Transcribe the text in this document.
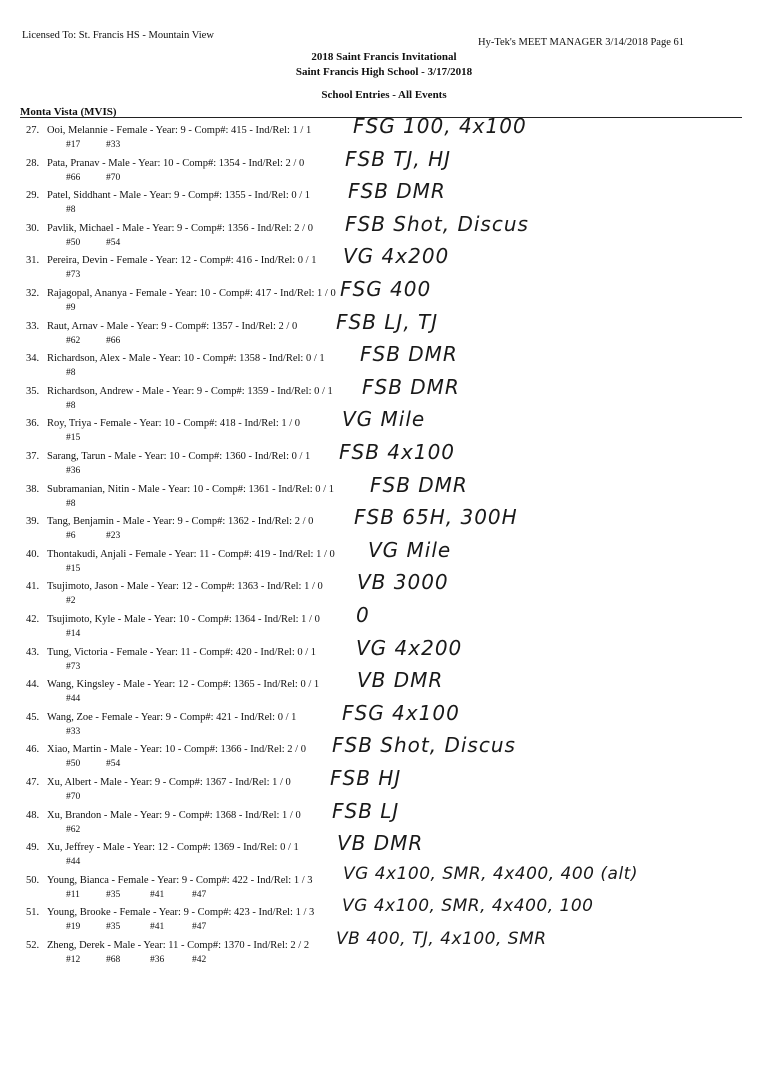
Licensed To: St. Francis HS - Mountain View
Hy-Tek's MEET MANAGER 3/14/2018 Page 61
2018 Saint Francis Invitational
Saint Francis High School - 3/17/2018
School Entries - All Events
Monta Vista (MVIS)
27. Ooi, Melannie - Female - Year: 9 - Comp#: 415 - Ind/Rel: 1 / 1
#17	#33
FSG 100, 4x100
28. Pata, Pranav - Male - Year: 10 - Comp#: 1354 - Ind/Rel: 2 / 0
#66	#70
FSB TJ, HJ
29. Patel, Siddhant - Male - Year: 9 - Comp#: 1355 - Ind/Rel: 0 / 1
#8
FSB DMR
30. Pavlik, Michael - Male - Year: 9 - Comp#: 1356 - Ind/Rel: 2 / 0
#50	#54
FSB Shot, Discus
31. Pereira, Devin - Female - Year: 12 - Comp#: 416 - Ind/Rel: 0 / 1
#73
VG 4x200
32. Rajagopal, Ananya - Female - Year: 10 - Comp#: 417 - Ind/Rel: 1 / 0
#9
FSG 400
33. Raut, Arnav - Male - Year: 9 - Comp#: 1357 - Ind/Rel: 2 / 0
#62	#66
FSB LJ, TJ
34. Richardson, Alex - Male - Year: 10 - Comp#: 1358 - Ind/Rel: 0 / 1
#8
FSB DMR
35. Richardson, Andrew - Male - Year: 9 - Comp#: 1359 - Ind/Rel: 0 / 1
#8
FSB DMR
36. Roy, Triya - Female - Year: 10 - Comp#: 418 - Ind/Rel: 1 / 0
#15
VG Mile
37. Sarang, Tarun - Male - Year: 10 - Comp#: 1360 - Ind/Rel: 0 / 1
#36
FSB 4x100
38. Subramanian, Nitin - Male - Year: 10 - Comp#: 1361 - Ind/Rel: 0 / 1
#8
FSB DMR
39. Tang, Benjamin - Male - Year: 9 - Comp#: 1362 - Ind/Rel: 2 / 0
#6	#23
FSB 65H, 300H
40. Thontakudi, Anjali - Female - Year: 11 - Comp#: 419 - Ind/Rel: 1 / 0
#15
VG Mile
41. Tsujimoto, Jason - Male - Year: 12 - Comp#: 1363 - Ind/Rel: 1 / 0
#2
VB 3000
42. Tsujimoto, Kyle - Male - Year: 10 - Comp#: 1364 - Ind/Rel: 1 / 0
#14
0
43. Tung, Victoria - Female - Year: 11 - Comp#: 420 - Ind/Rel: 0 / 1
#73
VG 4x200
44. Wang, Kingsley - Male - Year: 12 - Comp#: 1365 - Ind/Rel: 0 / 1
#44
VB DMR
45. Wang, Zoe - Female - Year: 9 - Comp#: 421 - Ind/Rel: 0 / 1
#33
FSG 4x100
46. Xiao, Martin - Male - Year: 10 - Comp#: 1366 - Ind/Rel: 2 / 0
#50	#54
FSB Shot, Discus
47. Xu, Albert - Male - Year: 9 - Comp#: 1367 - Ind/Rel: 1 / 0
#70
FSB HJ
48. Xu, Brandon - Male - Year: 9 - Comp#: 1368 - Ind/Rel: 1 / 0
#62
FSB LJ
49. Xu, Jeffrey - Male - Year: 12 - Comp#: 1369 - Ind/Rel: 0 / 1
#44
VB DMR
50. Young, Bianca - Female - Year: 9 - Comp#: 422 - Ind/Rel: 1 / 3
#11	#35	#41	#47
VG 4x100, SMR, 4x400, 400 (alt)
51. Young, Brooke - Female - Year: 9 - Comp#: 423 - Ind/Rel: 1 / 3
#19	#35	#41	#47
VG 4x100, SMR, 4x400, 100
52. Zheng, Derek - Male - Year: 11 - Comp#: 1370 - Ind/Rel: 2 / 2
#12	#68	#36	#42
VB 400, TJ, 4x100, SMR
